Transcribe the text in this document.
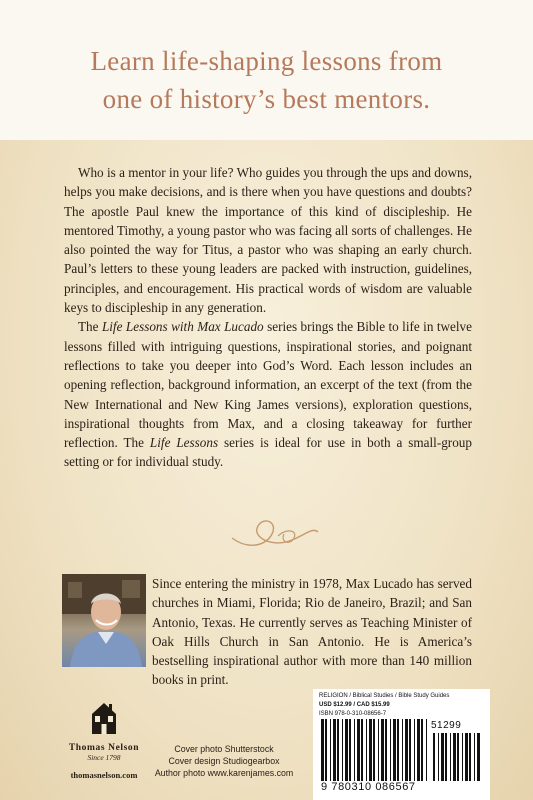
Learn life-shaping lessons from
one of history’s best mentors.

Who is a mentor in your life? Who guides you through the ups and downs, helps you make decisions, and is there when you have questions and doubts? The apostle Paul knew the importance of this kind of discipleship. He mentored Timothy, a young pastor who was facing all sorts of challenges. He also pointed the way for Titus, a pastor who was shaping an early church. Paul’s letters to these young leaders are packed with instruction, guidelines, principles, and encouragement. His practical words of wisdom are valuable keys to discipleship in any generation.

The Life Lessons with Max Lucado series brings the Bible to life in twelve lessons filled with intriguing questions, inspirational stories, and poignant reflections to take you deeper into God’s Word. Each lesson includes an opening reflection, background information, an excerpt of the text (from the New International and New King James versions), exploration questions, inspirational thoughts from Max, and a closing takeaway for further reflection. The Life Lessons series is ideal for use in both a small-group setting or for individual study.

Since entering the ministry in 1978, Max Lucado has served churches in Miami, Florida; Rio de Janeiro, Brazil; and San Antonio, Texas. He currently serves as Teaching Minister of Oak Hills Church in San Antonio. He is America’s bestselling inspirational author with more than 140 million books in print.

Thomas Nelson
Since 1798
thomasnelson.com
Cover photo Shutterstock
Cover design Studiogearbox
Author photo www.karenjames.com
RELIGION / Biblical Studies / Bible Study Guides
USD $12.99 / CAD $15.99
ISBN 978-0-310-08656-7
51299
9 780310 086567
